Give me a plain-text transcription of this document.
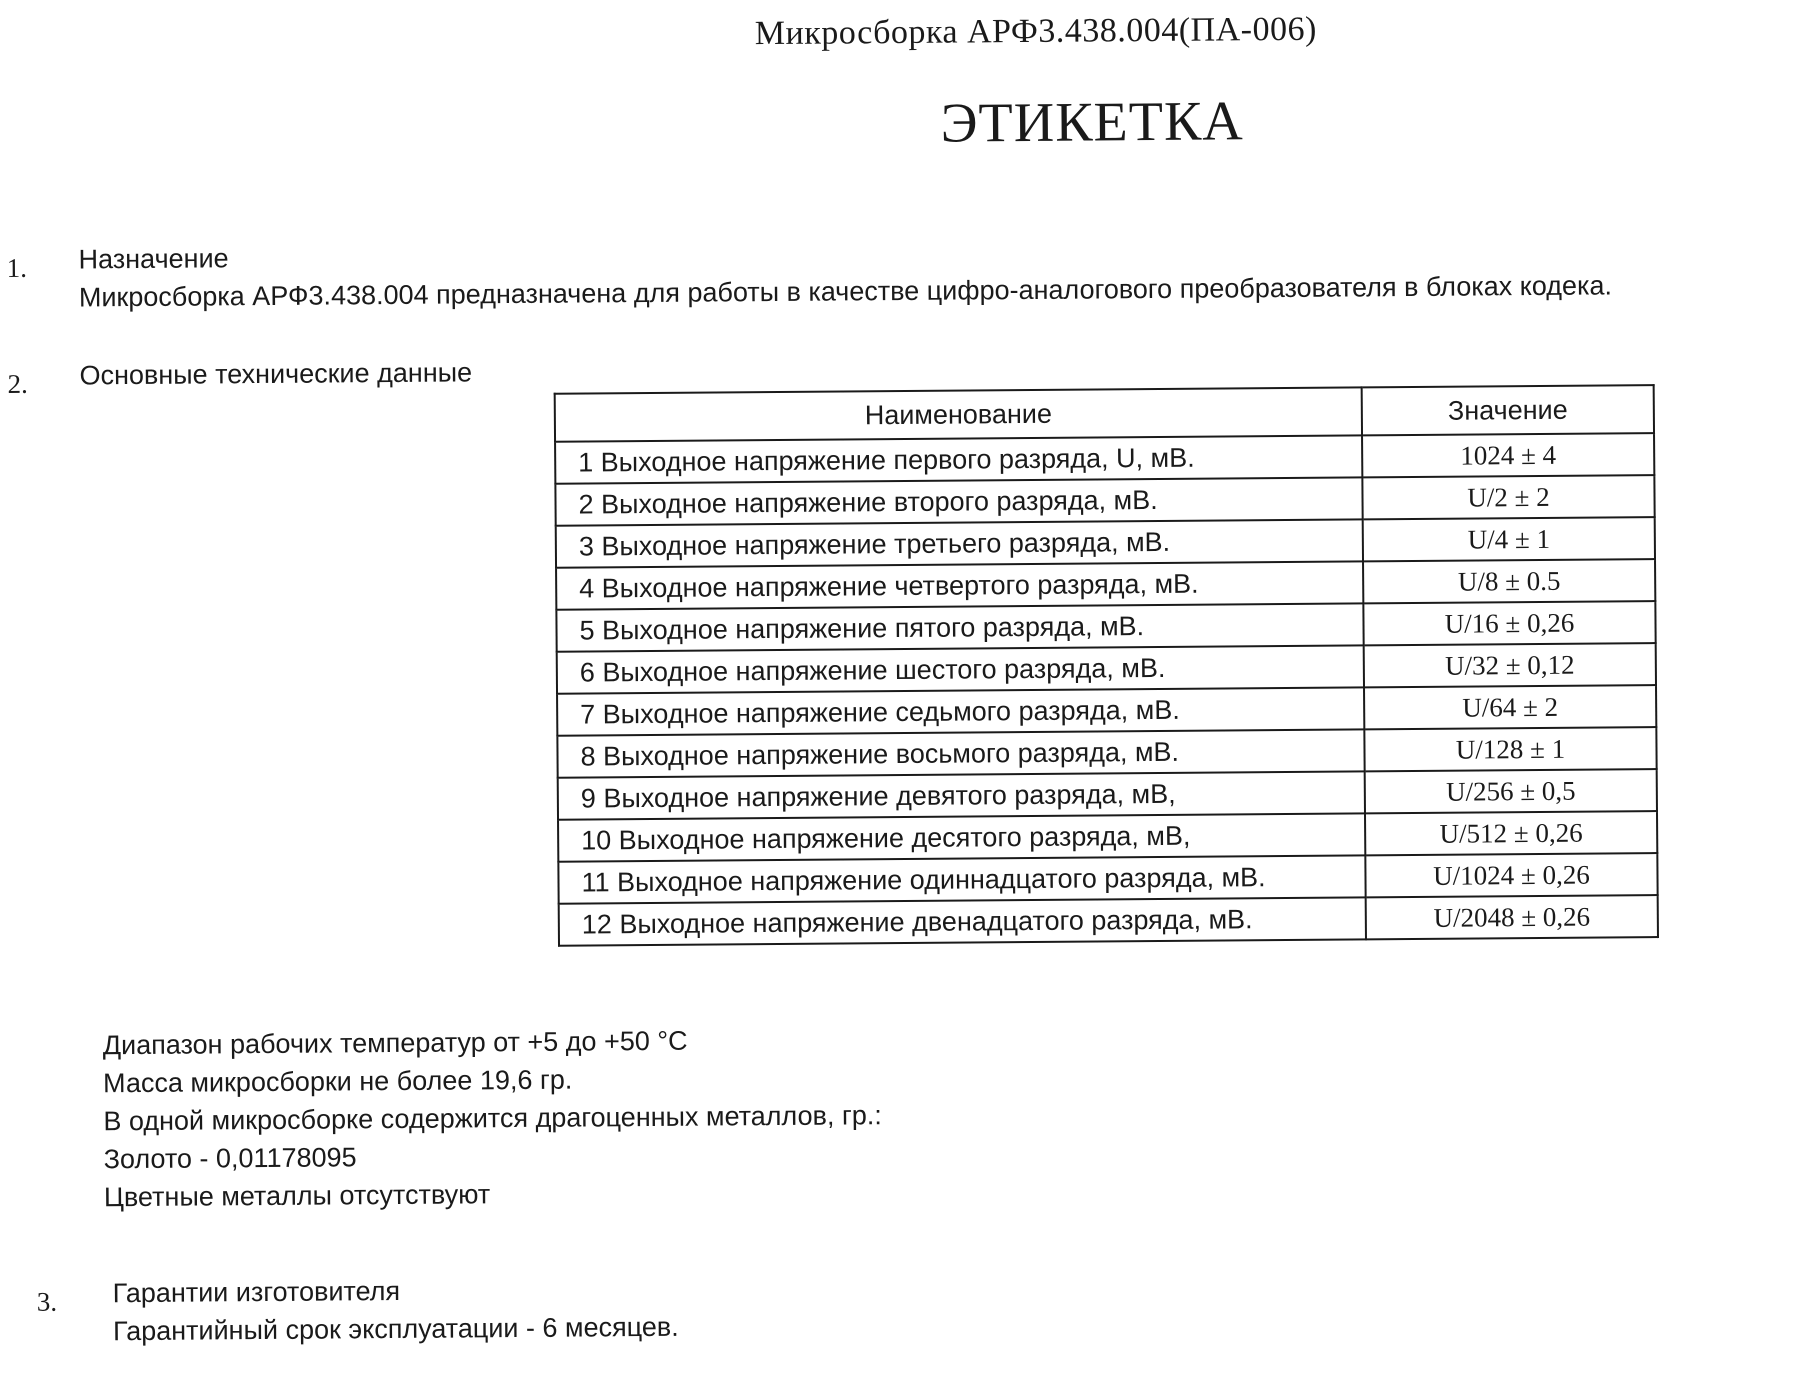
Микросборка АРФ3.438.004(ПА-006)
ЭТИКЕТКА
1. Назначение
Микросборка АРФ3.438.004 предназначена для работы в качестве цифро-аналогового преобразователя в блоках кодека.
2. Основные технические данные
Наименование	Значение
1 Выходное напряжение первого разряда, U, мВ.	1024 ± 4
2 Выходное напряжение второго разряда, мВ.	U/2 ± 2
3 Выходное напряжение третьего разряда, мВ.	U/4 ± 1
4 Выходное напряжение четвертого разряда, мВ.	U/8 ± 0.5
5 Выходное напряжение пятого разряда, мВ.	U/16 ± 0,26
6 Выходное напряжение шестого разряда, мВ.	U/32 ± 0,12
7 Выходное напряжение седьмого разряда, мВ.	U/64 ± 2
8 Выходное напряжение восьмого разряда, мВ.	U/128 ± 1
9 Выходное напряжение девятого разряда, мВ,	U/256 ± 0,5
10 Выходное напряжение десятого разряда, мВ,	U/512 ± 0,26
11 Выходное напряжение одиннадцатого разряда, мВ.	U/1024 ± 0,26
12 Выходное напряжение двенадцатого разряда, мВ.	U/2048 ± 0,26
Диапазон рабочих температур от +5 до +50 °С
Масса микросборки не более 19,6 гр.
В одной микросборке содержится драгоценных металлов, гр.:
Золото - 0,01178095
Цветные металлы отсутствуют
3. Гарантии изготовителя
Гарантийный срок эксплуатации - 6 месяцев.
